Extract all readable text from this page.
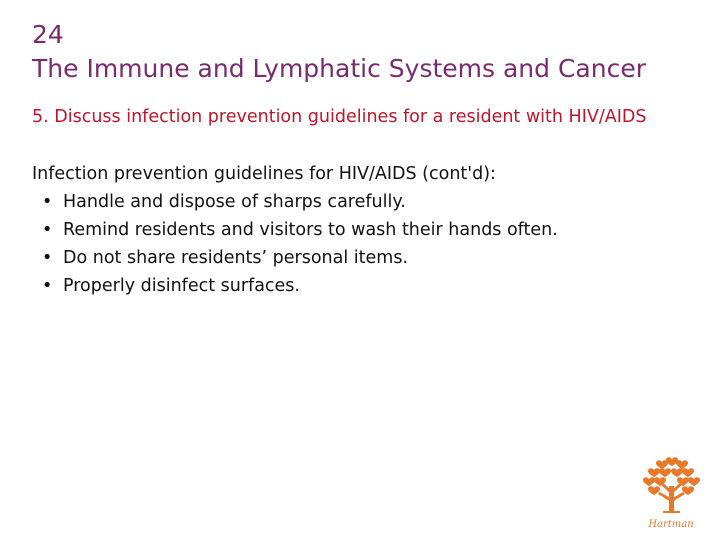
24
The Immune and Lymphatic Systems and Cancer
5. Discuss infection prevention guidelines for a resident with HIV/AIDS
Infection prevention guidelines for HIV/AIDS (cont'd):
• Handle and dispose of sharps carefully.
• Remind residents and visitors to wash their hands often.
• Do not share residents’ personal items.
• Properly disinfect surfaces.
Hartman
